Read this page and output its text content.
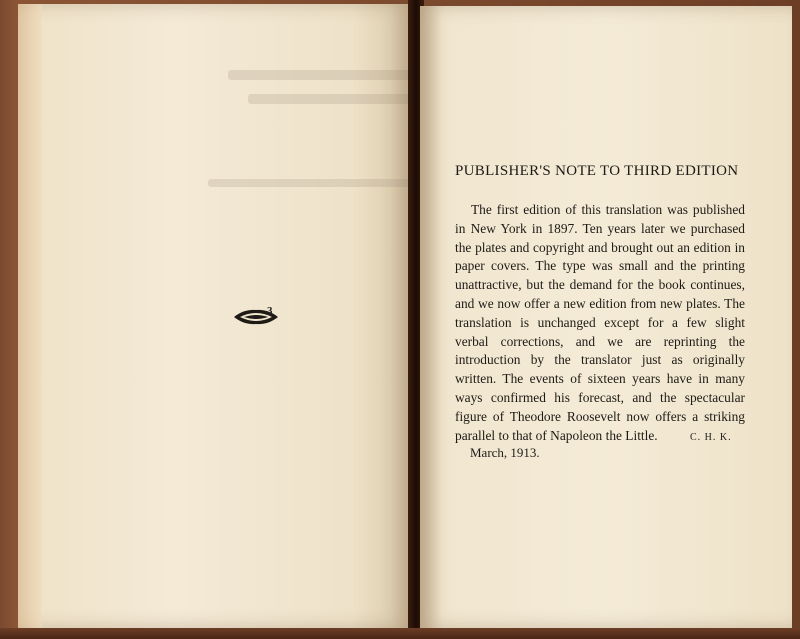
3
PUBLISHER'S NOTE TO THIRD EDITION
The first edition of this translation was published in New York in 1897. Ten years later we purchased the plates and copyright and brought out an edition in paper covers. The type was small and the printing unattractive, but the demand for the book continues, and we now offer a new edition from new plates. The translation is unchanged except for a few slight verbal corrections, and we are reprinting the introduction by the translator just as originally written. The events of sixteen years have in many ways confirmed his forecast, and the spectacular figure of Theodore Roosevelt now offers a striking parallel to that of Napoleon the Little.	C. H. K.
March, 1913.
